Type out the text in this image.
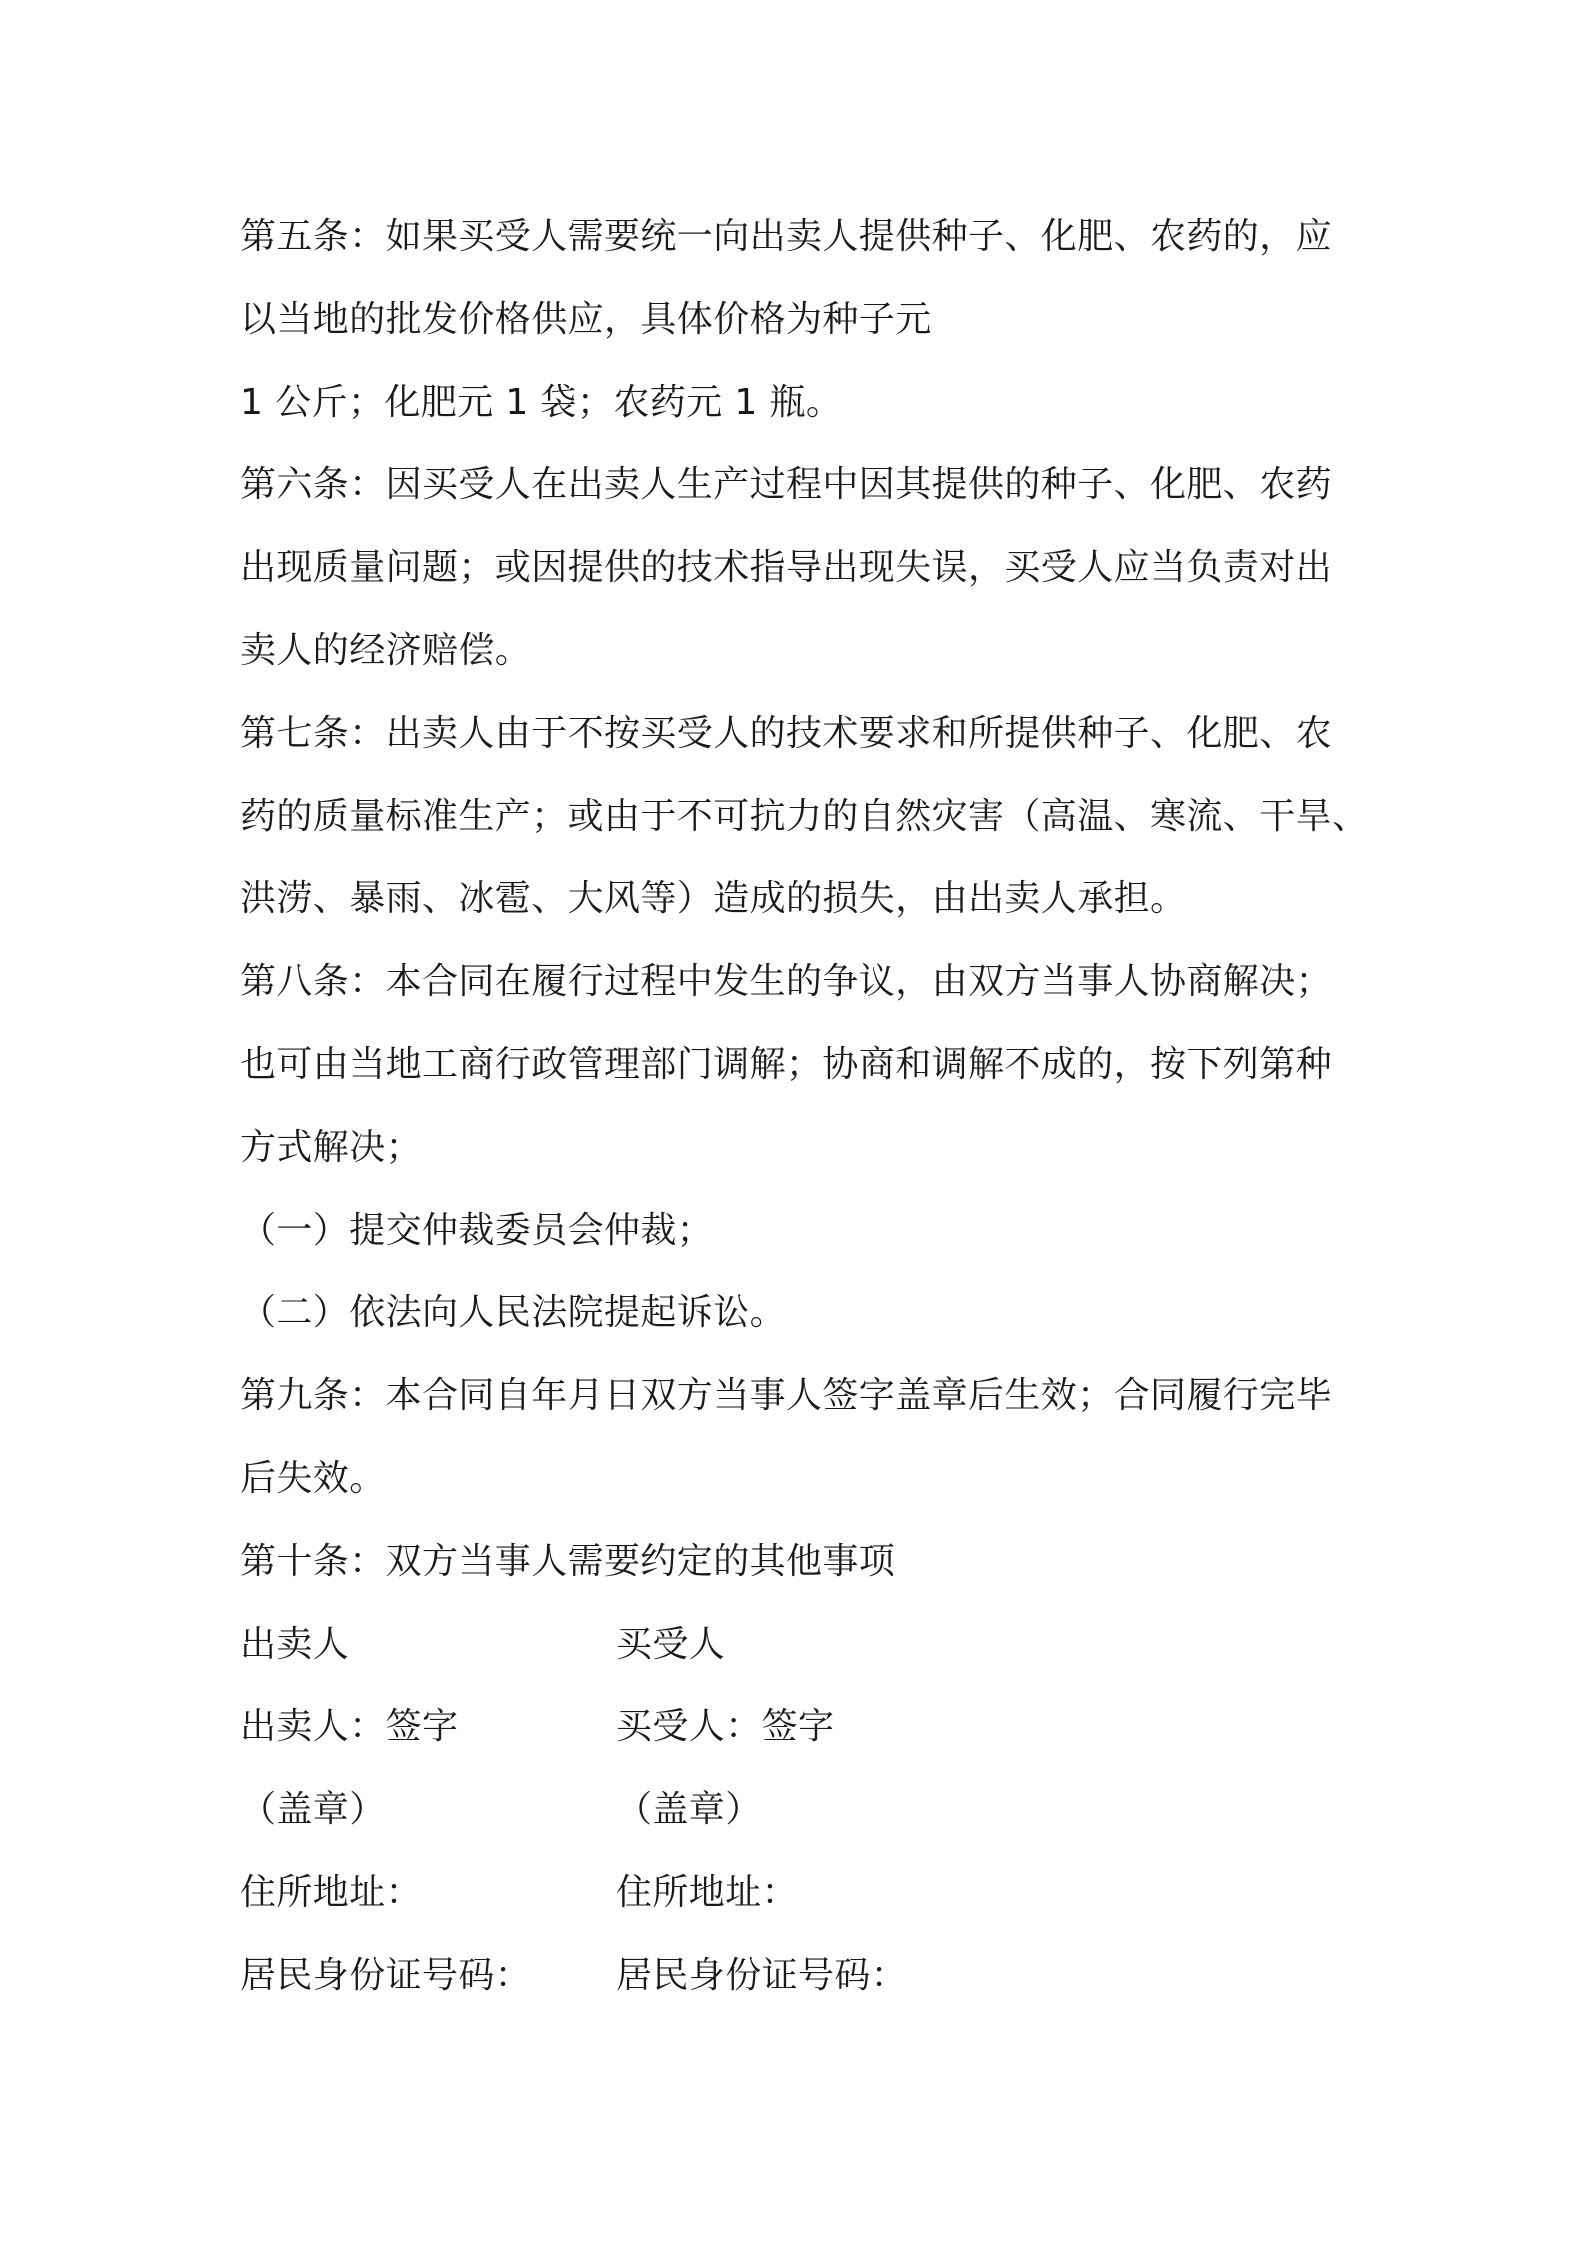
第五条：如果买受人需要统一向出卖人提供种子、化肥、农药的，应
以当地的批发价格供应，具体价格为种子元
1 公斤；化肥元 1 袋；农药元 1 瓶。
第六条：因买受人在出卖人生产过程中因其提供的种子、化肥、农药
出现质量问题；或因提供的技术指导出现失误，买受人应当负责对出
卖人的经济赔偿。
第七条：出卖人由于不按买受人的技术要求和所提供种子、化肥、农
药的质量标准生产；或由于不可抗力的自然灾害（高温、寒流、干旱、
洪涝、暴雨、冰雹、大风等）造成的损失，由出卖人承担。
第八条：本合同在履行过程中发生的争议，由双方当事人协商解决；
也可由当地工商行政管理部门调解；协商和调解不成的，按下列第种
方式解决；
（一）提交仲裁委员会仲裁；
（二）依法向人民法院提起诉讼。
第九条：本合同自年月日双方当事人签字盖章后生效；合同履行完毕
后失效。
第十条：双方当事人需要约定的其他事项
出卖人	买受人
出卖人：签字	买受人：签字
（盖章）	（盖章）
住所地址：	住所地址：
居民身份证号码：	居民身份证号码：
